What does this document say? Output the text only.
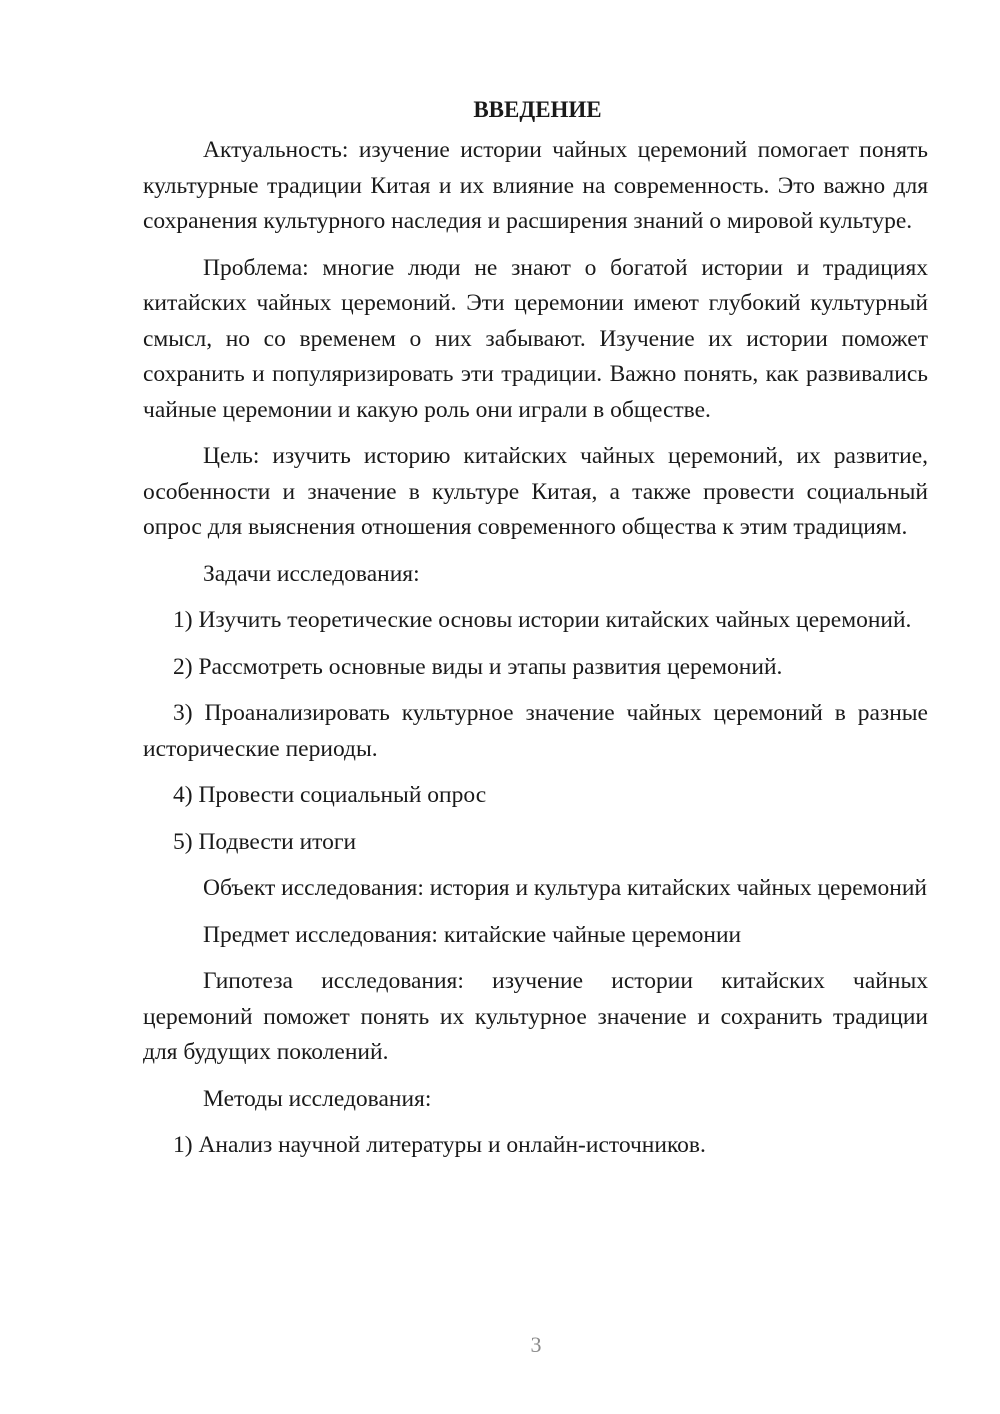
ВВЕДЕНИЕ

Актуальность: изучение истории чайных церемоний помогает понять культурные традиции Китая и их влияние на современность. Это важно для сохранения культурного наследия и расширения знаний о мировой культуре.

Проблема: многие люди не знают о богатой истории и традициях китайских чайных церемоний. Эти церемонии имеют глубокий культурный смысл, но со временем о них забывают. Изучение их истории поможет сохранить и популяризировать эти традиции. Важно понять, как развивались чайные церемонии и какую роль они играли в обществе.

Цель: изучить историю китайских чайных церемоний, их развитие, особенности и значение в культуре Китая, а также провести социальный опрос для выяснения отношения современного общества к этим традициям.

Задачи исследования:

1) Изучить теоретические основы истории китайских чайных церемоний.

2) Рассмотреть основные виды и этапы развития церемоний.

3) Проанализировать культурное значение чайных церемоний в разные исторические периоды.

4) Провести социальный опрос

5) Подвести итоги

Объект исследования: история и культура китайских чайных церемоний

Предмет исследования: китайские чайные церемонии

Гипотеза исследования: изучение истории китайских чайных церемоний поможет понять их культурное значение и сохранить традиции для будущих поколений.

Методы исследования:

1) Анализ научной литературы и онлайн-источников.

3
